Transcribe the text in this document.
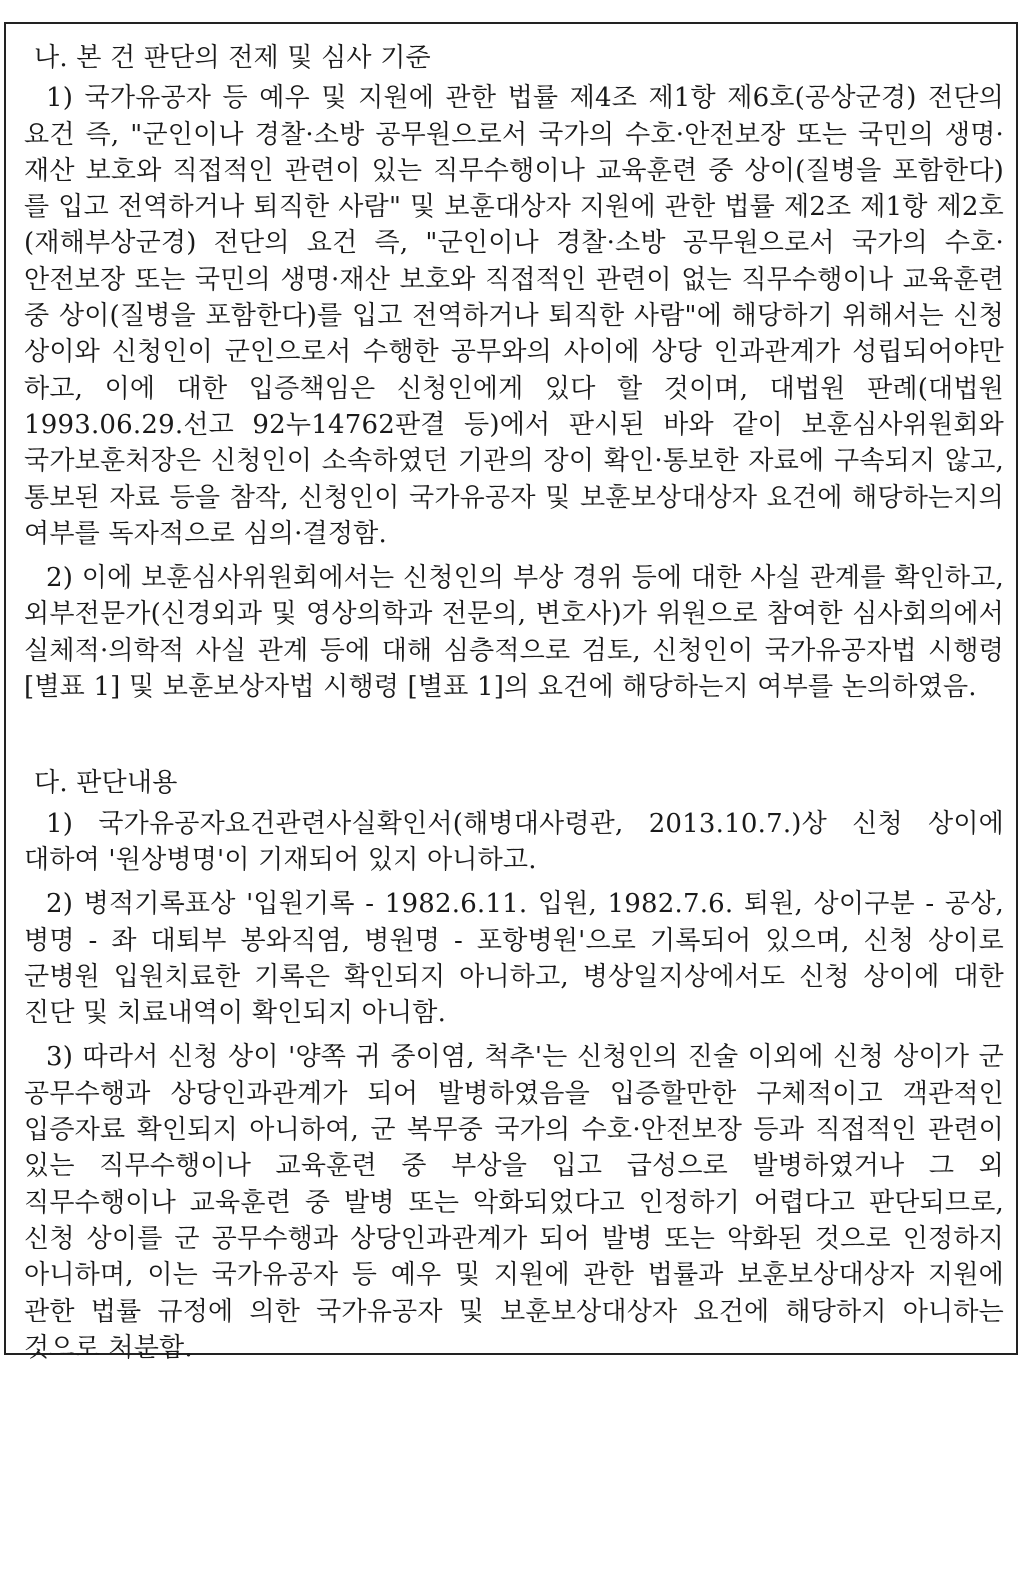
나. 본 건 판단의 전제 및 심사 기준

1) 국가유공자 등 예우 및 지원에 관한 법률 제4조 제1항 제6호(공상군경) 전단의 요건 즉, "군인이나 경찰·소방 공무원으로서 국가의 수호·안전보장 또는 국민의 생명·재산 보호와 직접적인 관련이 있는 직무수행이나 교육훈련 중 상이(질병을 포함한다)를 입고 전역하거나 퇴직한 사람" 및 보훈대상자 지원에 관한 법률 제2조 제1항 제2호(재해부상군경) 전단의 요건 즉, "군인이나 경찰·소방 공무원으로서 국가의 수호·안전보장 또는 국민의 생명·재산 보호와 직접적인 관련이 없는 직무수행이나 교육훈련 중 상이(질병을 포함한다)를 입고 전역하거나 퇴직한 사람"에 해당하기 위해서는 신청 상이와 신청인이 군인으로서 수행한 공무와의 사이에 상당 인과관계가 성립되어야만 하고, 이에 대한 입증책임은 신청인에게 있다 할 것이며, 대법원 판례(대법원 1993.06.29.선고 92누14762판결 등)에서 판시된 바와 같이 보훈심사위원회와 국가보훈처장은 신청인이 소속하였던 기관의 장이 확인·통보한 자료에 구속되지 않고, 통보된 자료 등을 참작, 신청인이 국가유공자 및 보훈보상대상자 요건에 해당하는지의 여부를 독자적으로 심의·결정함.

2) 이에 보훈심사위원회에서는 신청인의 부상 경위 등에 대한 사실 관계를 확인하고, 외부전문가(신경외과 및 영상의학과 전문의, 변호사)가 위원으로 참여한 심사회의에서 실체적·의학적 사실 관계 등에 대해 심층적으로 검토, 신청인이 국가유공자법 시행령 [별표 1] 및 보훈보상자법 시행령 [별표 1]의 요건에 해당하는지 여부를 논의하였음.

다. 판단내용

1) 국가유공자요건관련사실확인서(해병대사령관, 2013.10.7.)상 신청 상이에 대하여 '원상병명'이 기재되어 있지 아니하고.

2) 병적기록표상 '입원기록 - 1982.6.11. 입원, 1982.7.6. 퇴원, 상이구분 - 공상, 병명 - 좌 대퇴부 봉와직염, 병원명 - 포항병원'으로 기록되어 있으며, 신청 상이로 군병원 입원치료한 기록은 확인되지 아니하고, 병상일지상에서도 신청 상이에 대한 진단 및 치료내역이 확인되지 아니함.

3) 따라서 신청 상이 '양쪽 귀 중이염, 척추'는 신청인의 진술 이외에 신청 상이가 군 공무수행과 상당인과관계가 되어 발병하였음을 입증할만한 구체적이고 객관적인 입증자료 확인되지 아니하여, 군 복무중 국가의 수호·안전보장 등과 직접적인 관련이 있는 직무수행이나 교육훈련 중 부상을 입고 급성으로 발병하였거나 그 외 직무수행이나 교육훈련 중 발병 또는 악화되었다고 인정하기 어렵다고 판단되므로, 신청 상이를 군 공무수행과 상당인과관계가 되어 발병 또는 악화된 것으로 인정하지 아니하며, 이는 국가유공자 등 예우 및 지원에 관한 법률과 보훈보상대상자 지원에 관한 법률 규정에 의한 국가유공자 및 보훈보상대상자 요건에 해당하지 아니하는 것으로 처분함.
